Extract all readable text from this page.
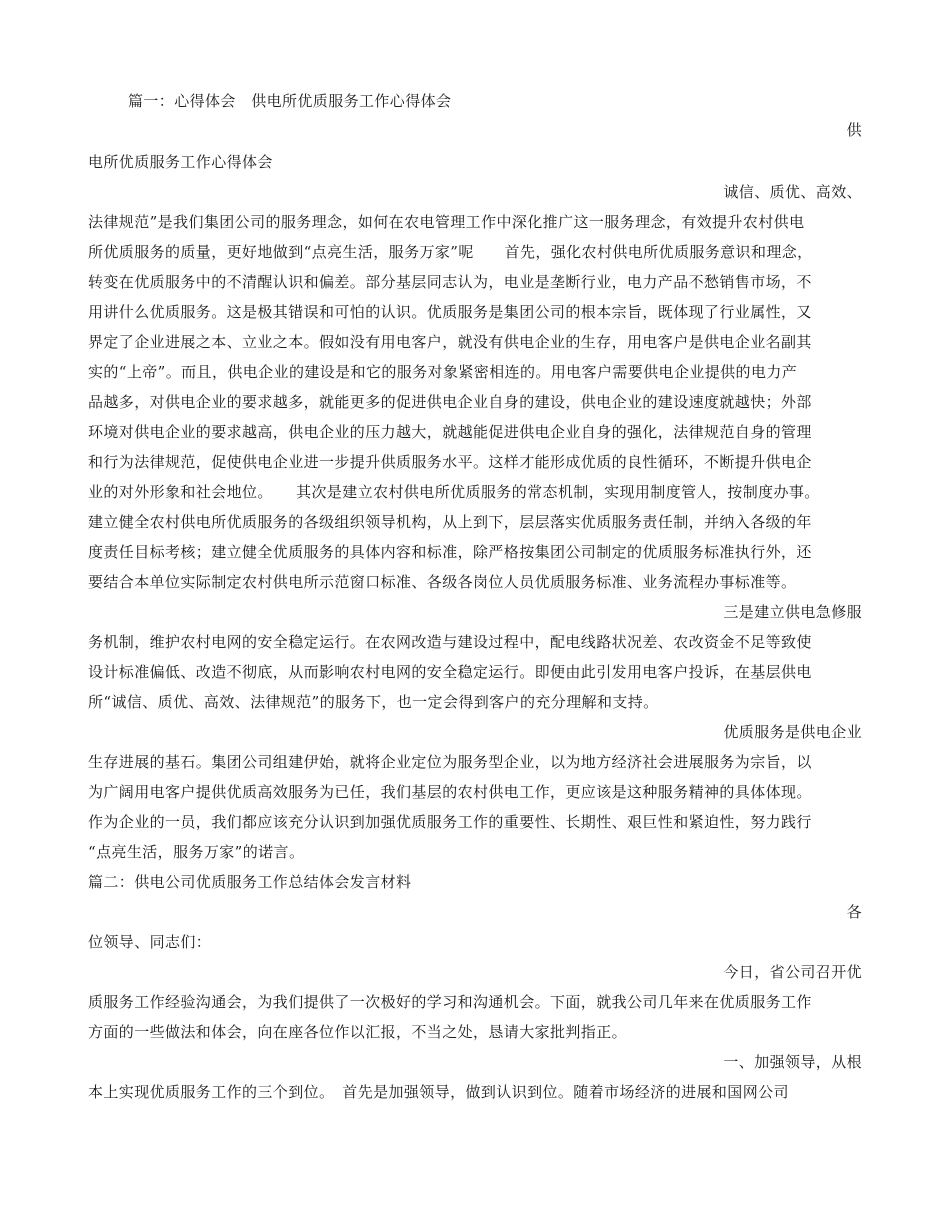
篇一：心得体会　供电所优质服务工作心得体会
供
电所优质服务工作心得体会
诚信、质优、高效、
法律规范”是我们集团公司的服务理念，如何在农电管理工作中深化推广这一服务理念，有效提升农村供电
所优质服务的质量，更好地做到“点亮生活，服务万家”呢　　首先，强化农村供电所优质服务意识和理念，
转变在优质服务中的不清醒认识和偏差。部分基层同志认为，电业是垄断行业，电力产品不愁销售市场，不
用讲什么优质服务。这是极其错误和可怕的认识。优质服务是集团公司的根本宗旨，既体现了行业属性，又
界定了企业进展之本、立业之本。假如没有用电客户，就没有供电企业的生存，用电客户是供电企业名副其
实的“上帝”。而且，供电企业的建设是和它的服务对象紧密相连的。用电客户需要供电企业提供的电力产
品越多，对供电企业的要求越多，就能更多的促进供电企业自身的建设，供电企业的建设速度就越快；外部
环境对供电企业的要求越高，供电企业的压力越大，就越能促进供电企业自身的强化，法律规范自身的管理
和行为法律规范，促使供电企业进一步提升供质服务水平。这样才能形成优质的良性循环，不断提升供电企
业的对外形象和社会地位。　　其次是建立农村供电所优质服务的常态机制，实现用制度管人，按制度办事。
建立健全农村供电所优质服务的各级组织领导机构，从上到下，层层落实优质服务责任制，并纳入各级的年
度责任目标考核；建立健全优质服务的具体内容和标准，除严格按集团公司制定的优质服务标准执行外，还
要结合本单位实际制定农村供电所示范窗口标准、各级各岗位人员优质服务标准、业务流程办事标准等。
三是建立供电急修服
务机制，维护农村电网的安全稳定运行。在农网改造与建设过程中，配电线路状况差、农改资金不足等致使
设计标准偏低、改造不彻底，从而影响农村电网的安全稳定运行。即便由此引发用电客户投诉，在基层供电
所“诚信、质优、高效、法律规范”的服务下，也一定会得到客户的充分理解和支持。
优质服务是供电企业
生存进展的基石。集团公司组建伊始，就将企业定位为服务型企业，以为地方经济社会进展服务为宗旨，以
为广阔用电客户提供优质高效服务为已任，我们基层的农村供电工作，更应该是这种服务精神的具体体现。
作为企业的一员，我们都应该充分认识到加强优质服务工作的重要性、长期性、艰巨性和紧迫性，努力践行
“点亮生活，服务万家”的诺言。
篇二：供电公司优质服务工作总结体会发言材料
各
位领导、同志们：
今日，省公司召开优
质服务工作经验沟通会，为我们提供了一次极好的学习和沟通机会。下面，就我公司几年来在优质服务工作
方面的一些做法和体会，向在座各位作以汇报，不当之处，恳请大家批判指正。
一、加强领导，从根
本上实现优质服务工作的三个到位。　首先是加强领导，做到认识到位。随着市场经济的进展和国网公司
